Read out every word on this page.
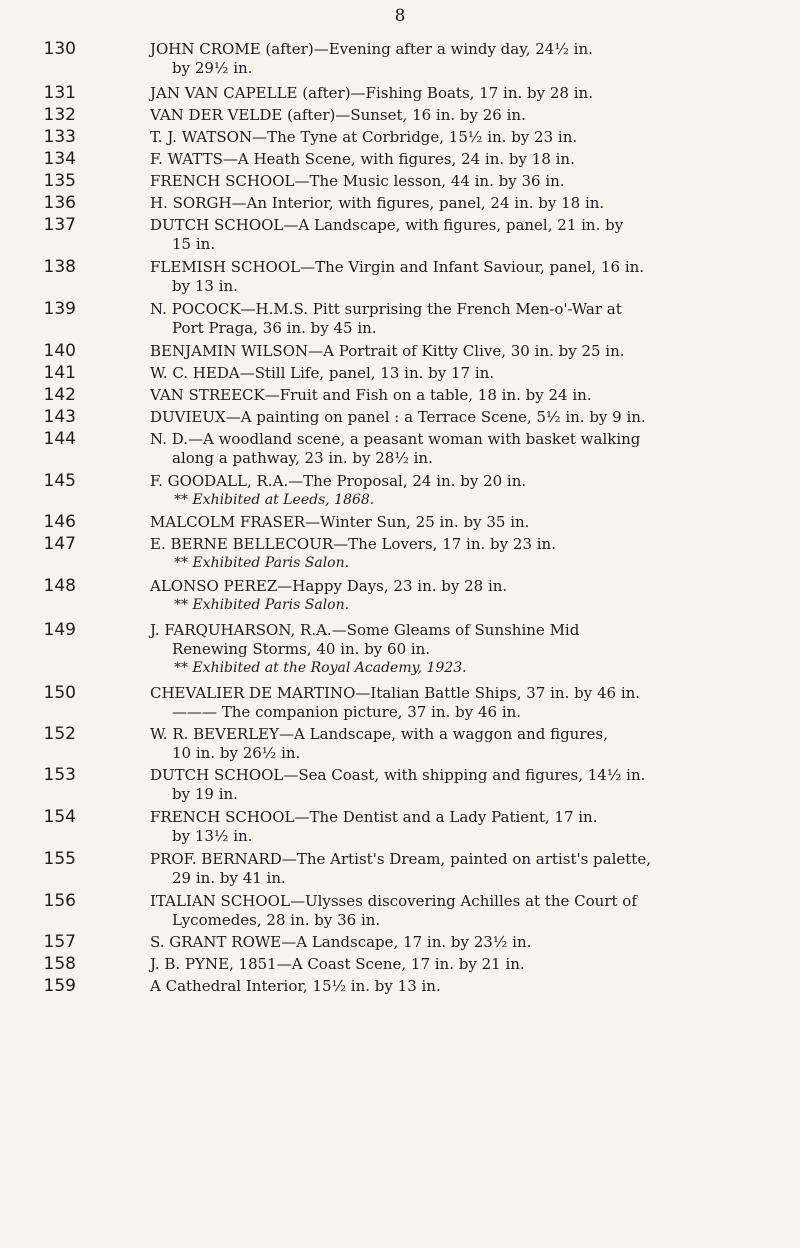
8
130	JOHN CROME (after)—Evening after a windy day, 24½ in.
by 29½ in.
131	JAN VAN CAPELLE (after)—Fishing Boats, 17 in. by 28 in.
132	VAN DER VELDE (after)—Sunset, 16 in. by 26 in.
133	T. J. WATSON—The Tyne at Corbridge, 15½ in. by 23 in.
134	F. WATTS—A Heath Scene, with figures, 24 in. by 18 in.
135	FRENCH SCHOOL—The Music lesson, 44 in. by 36 in.
136	H. SORGH—An Interior, with figures, panel, 24 in. by 18 in.
137	DUTCH SCHOOL—A Landscape, with figures, panel, 21 in. by
15 in.
138	FLEMISH SCHOOL—The Virgin and Infant Saviour, panel, 16 in.
by 13 in.
139	N. POCOCK—H.M.S. Pitt surprising the French Men-o'-War at
Port Praga, 36 in. by 45 in.
140	BENJAMIN WILSON—A Portrait of Kitty Clive, 30 in. by 25 in.
141	W. C. HEDA—Still Life, panel, 13 in. by 17 in.
142	VAN STREECK—Fruit and Fish on a table, 18 in. by 24 in.
143	DUVIEUX—A painting on panel : a Terrace Scene, 5½ in. by 9 in.
144	N. D.—A woodland scene, a peasant woman with basket walking
along a pathway, 23 in. by 28½ in.
145	F. GOODALL, R.A.—The Proposal, 24 in. by 20 in.
** Exhibited at Leeds, 1868.
146	MALCOLM FRASER—Winter Sun, 25 in. by 35 in.
147	E. BERNE BELLECOUR—The Lovers, 17 in. by 23 in.
** Exhibited Paris Salon.
148	ALONSO PEREZ—Happy Days, 23 in. by 28 in.
** Exhibited Paris Salon.
149	J. FARQUHARSON, R.A.—Some Gleams of Sunshine Mid
Renewing Storms, 40 in. by 60 in.
** Exhibited at the Royal Academy, 1923.
150	CHEVALIER DE MARTINO—Italian Battle Ships, 37 in. by 46 in.
——— The companion picture, 37 in. by 46 in.
152	W. R. BEVERLEY—A Landscape, with a waggon and figures,
10 in. by 26½ in.
153	DUTCH SCHOOL—Sea Coast, with shipping and figures, 14½ in.
by 19 in.
154	FRENCH SCHOOL—The Dentist and a Lady Patient, 17 in.
by 13½ in.
155	PROF. BERNARD—The Artist's Dream, painted on artist's palette,
29 in. by 41 in.
156	ITALIAN SCHOOL—Ulysses discovering Achilles at the Court of
Lycomedes, 28 in. by 36 in.
157	S. GRANT ROWE—A Landscape, 17 in. by 23½ in.
158	J. B. PYNE, 1851—A Coast Scene, 17 in. by 21 in.
159	A Cathedral Interior, 15½ in. by 13 in.
